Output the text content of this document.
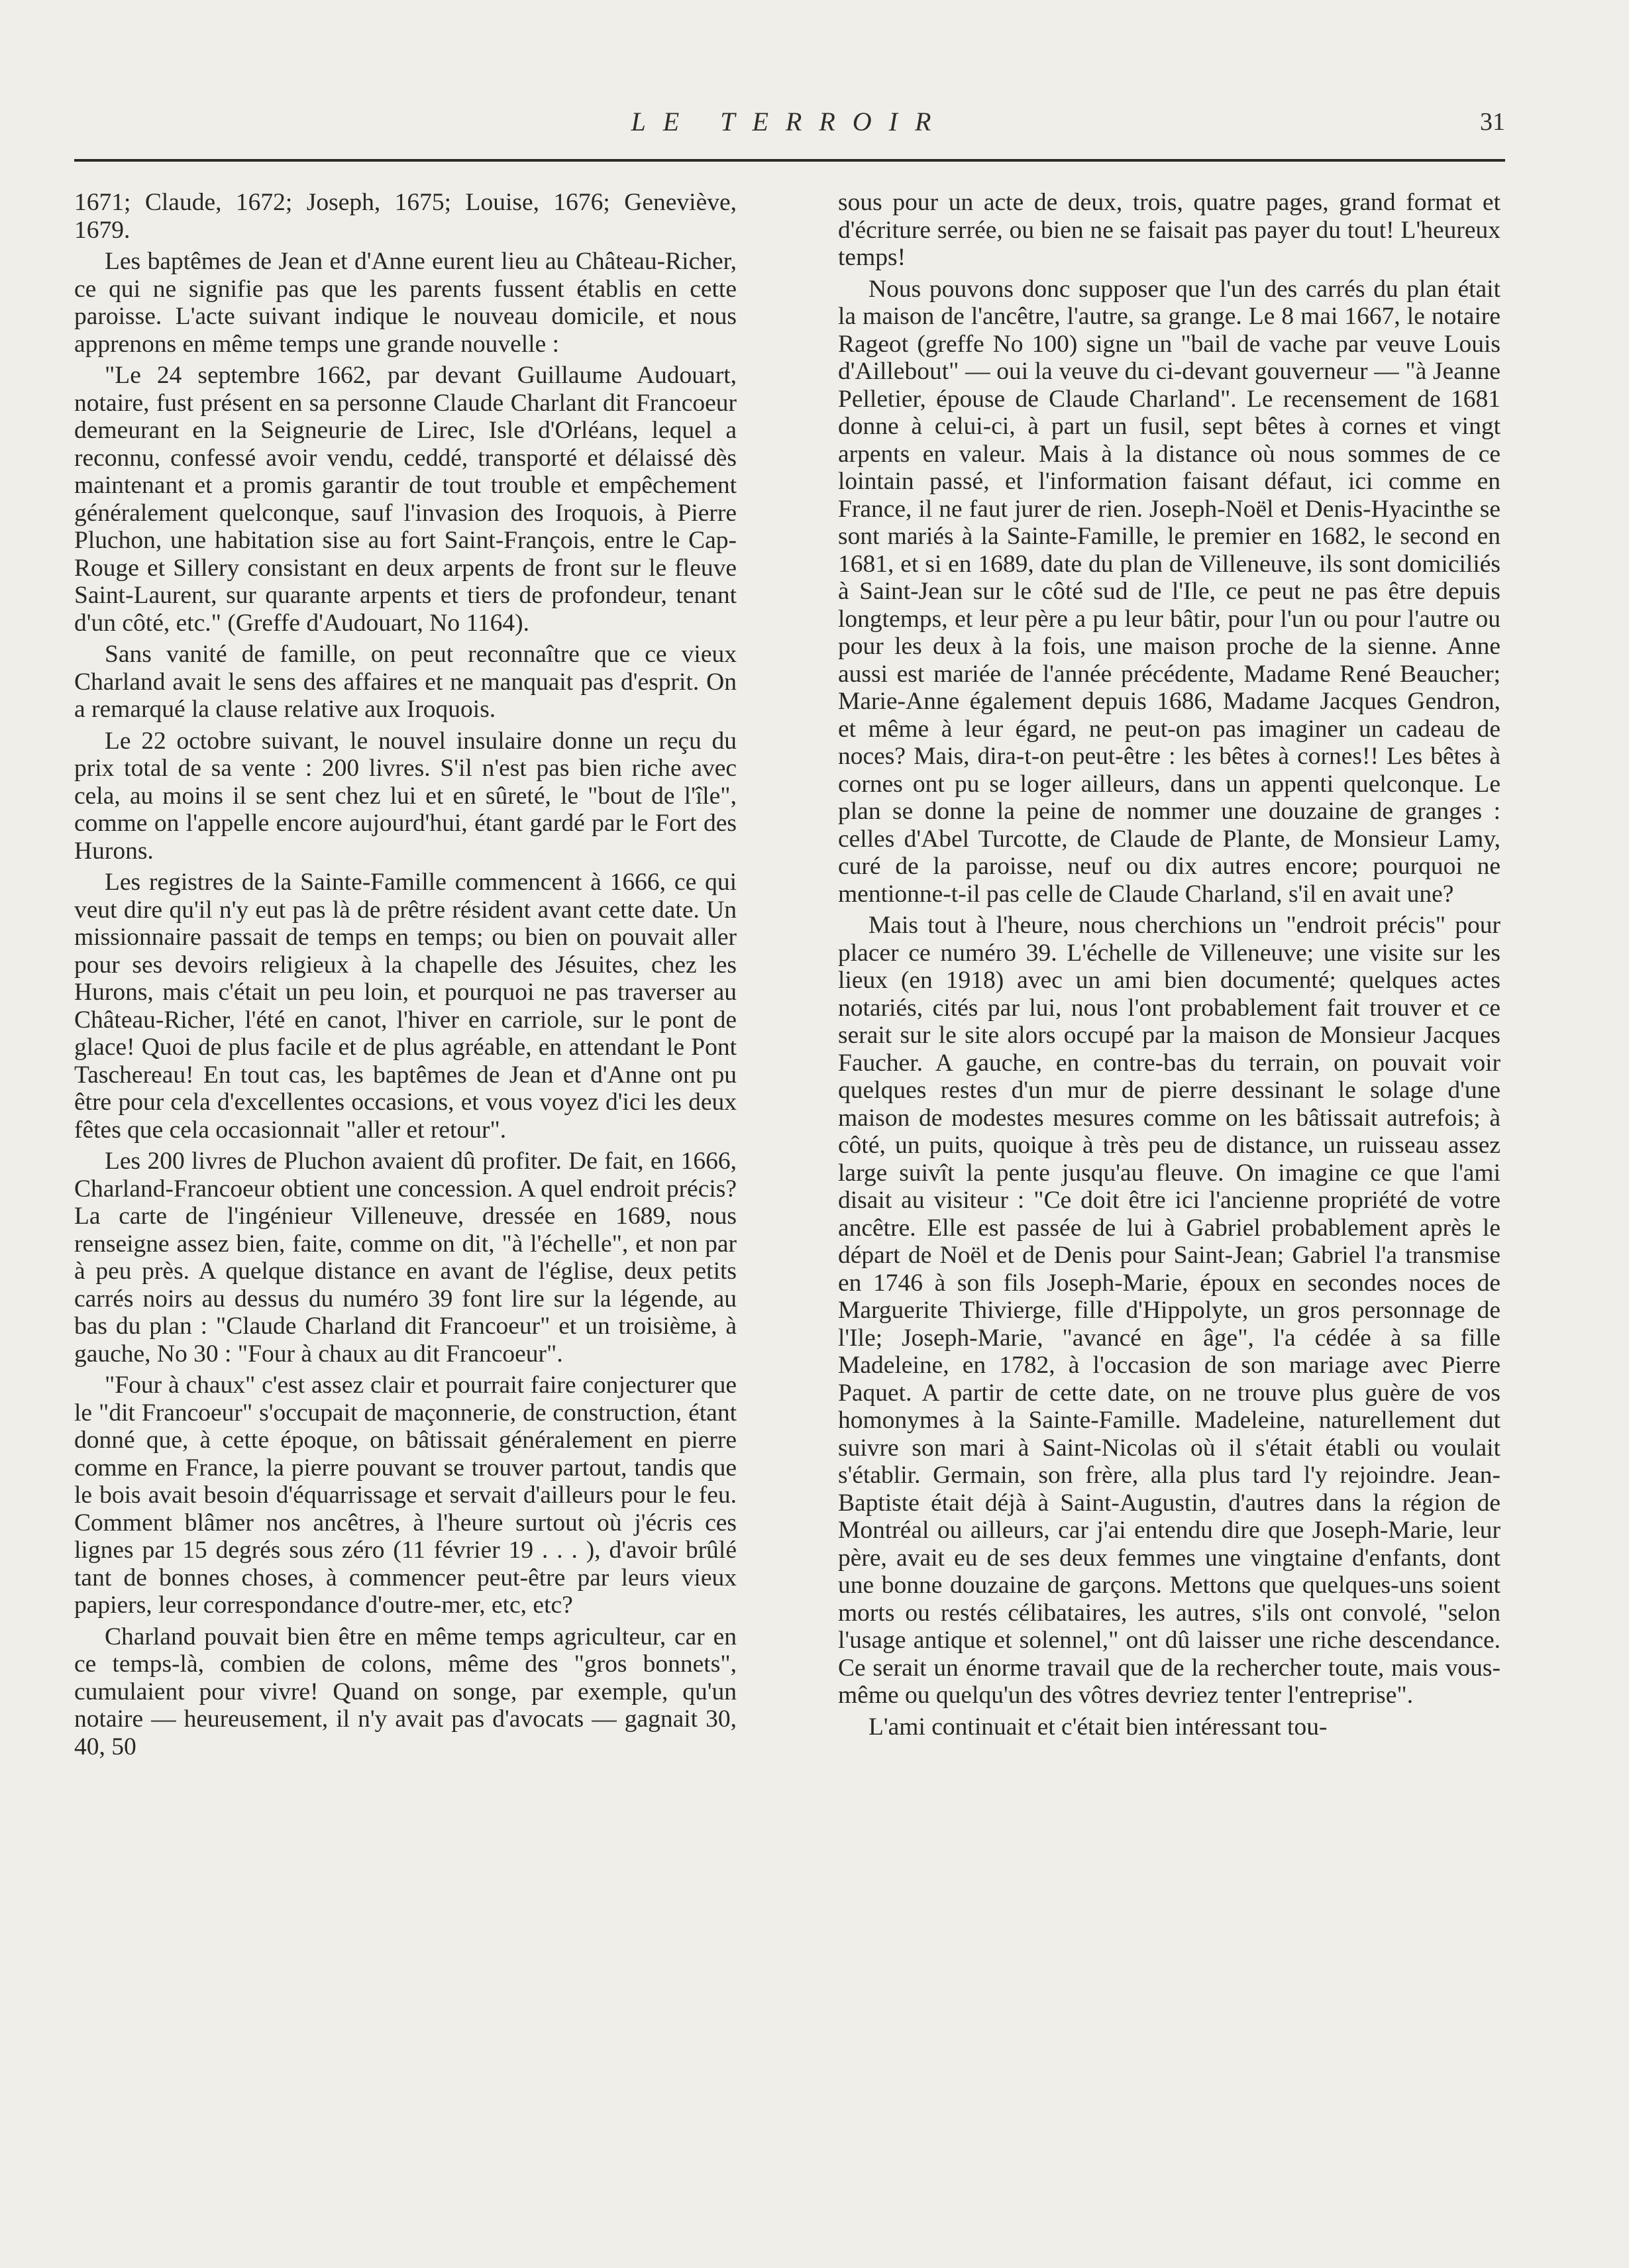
LE TERROIR	31

1671; Claude, 1672; Joseph, 1675; Louise, 1676; Geneviève, 1679.

Les baptêmes de Jean et d'Anne eurent lieu au Château-Richer, ce qui ne signifie pas que les parents fussent établis en cette paroisse. L'acte suivant indique le nouveau domicile, et nous apprenons en même temps une grande nouvelle :

"Le 24 septembre 1662, par devant Guillaume Audouart, notaire, fust présent en sa personne Claude Charlant dit Francoeur demeurant en la Seigneurie de Lirec, Isle d'Orléans, lequel a reconnu, confessé avoir vendu, ceddé, transporté et délaissé dès maintenant et a promis garantir de tout trouble et empêchement généralement quelconque, sauf l'invasion des Iroquois, à Pierre Pluchon, une habitation sise au fort Saint-François, entre le Cap-Rouge et Sillery consistant en deux arpents de front sur le fleuve Saint-Laurent, sur quarante arpents et tiers de profondeur, tenant d'un côté, etc." (Greffe d'Audouart, No 1164).

Sans vanité de famille, on peut reconnaître que ce vieux Charland avait le sens des affaires et ne manquait pas d'esprit. On a remarqué la clause relative aux Iroquois.

Le 22 octobre suivant, le nouvel insulaire donne un reçu du prix total de sa vente : 200 livres. S'il n'est pas bien riche avec cela, au moins il se sent chez lui et en sûreté, le "bout de l'île", comme on l'appelle encore aujourd'hui, étant gardé par le Fort des Hurons.

Les registres de la Sainte-Famille commencent à 1666, ce qui veut dire qu'il n'y eut pas là de prêtre résident avant cette date. Un missionnaire passait de temps en temps; ou bien on pouvait aller pour ses devoirs religieux à la chapelle des Jésuites, chez les Hurons, mais c'était un peu loin, et pourquoi ne pas traverser au Château-Richer, l'été en canot, l'hiver en carriole, sur le pont de glace! Quoi de plus facile et de plus agréable, en attendant le Pont Taschereau! En tout cas, les baptêmes de Jean et d'Anne ont pu être pour cela d'excellentes occasions, et vous voyez d'ici les deux fêtes que cela occasionnait "aller et retour".

Les 200 livres de Pluchon avaient dû profiter. De fait, en 1666, Charland-Francoeur obtient une concession. A quel endroit précis? La carte de l'ingénieur Villeneuve, dressée en 1689, nous renseigne assez bien, faite, comme on dit, "à l'échelle", et non par à peu près. A quelque distance en avant de l'église, deux petits carrés noirs au dessus du numéro 39 font lire sur la légende, au bas du plan : "Claude Charland dit Francoeur" et un troisième, à gauche, No 30 : "Four à chaux au dit Francoeur".

"Four à chaux" c'est assez clair et pourrait faire conjecturer que le "dit Francoeur" s'occupait de maçonnerie, de construction, étant donné que, à cette époque, on bâtissait généralement en pierre comme en France, la pierre pouvant se trouver partout, tandis que le bois avait besoin d'équarrissage et servait d'ailleurs pour le feu. Comment blâmer nos ancêtres, à l'heure surtout où j'écris ces lignes par 15 degrés sous zéro (11 février 19 . . . ), d'avoir brûlé tant de bonnes choses, à commencer peut-être par leurs vieux papiers, leur correspondance d'outre-mer, etc, etc?

Charland pouvait bien être en même temps agriculteur, car en ce temps-là, combien de colons, même des "gros bonnets", cumulaient pour vivre! Quand on songe, par exemple, qu'un notaire — heureusement, il n'y avait pas d'avocats — gagnait 30, 40, 50

sous pour un acte de deux, trois, quatre pages, grand format et d'écriture serrée, ou bien ne se faisait pas payer du tout! L'heureux temps!

Nous pouvons donc supposer que l'un des carrés du plan était la maison de l'ancêtre, l'autre, sa grange. Le 8 mai 1667, le notaire Rageot (greffe No 100) signe un "bail de vache par veuve Louis d'Aillebout" — oui la veuve du ci-devant gouverneur — "à Jeanne Pelletier, épouse de Claude Charland". Le recensement de 1681 donne à celui-ci, à part un fusil, sept bêtes à cornes et vingt arpents en valeur. Mais à la distance où nous sommes de ce lointain passé, et l'information faisant défaut, ici comme en France, il ne faut jurer de rien. Joseph-Noël et Denis-Hyacinthe se sont mariés à la Sainte-Famille, le premier en 1682, le second en 1681, et si en 1689, date du plan de Villeneuve, ils sont domiciliés à Saint-Jean sur le côté sud de l'Ile, ce peut ne pas être depuis longtemps, et leur père a pu leur bâtir, pour l'un ou pour l'autre ou pour les deux à la fois, une maison proche de la sienne. Anne aussi est mariée de l'année précédente, Madame René Beaucher; Marie-Anne également depuis 1686, Madame Jacques Gendron, et même à leur égard, ne peut-on pas imaginer un cadeau de noces? Mais, dira-t-on peut-être : les bêtes à cornes!! Les bêtes à cornes ont pu se loger ailleurs, dans un appenti quelconque. Le plan se donne la peine de nommer une douzaine de granges : celles d'Abel Turcotte, de Claude de Plante, de Monsieur Lamy, curé de la paroisse, neuf ou dix autres encore; pourquoi ne mentionne-t-il pas celle de Claude Charland, s'il en avait une?

Mais tout à l'heure, nous cherchions un "endroit précis" pour placer ce numéro 39. L'échelle de Villeneuve; une visite sur les lieux (en 1918) avec un ami bien documenté; quelques actes notariés, cités par lui, nous l'ont probablement fait trouver et ce serait sur le site alors occupé par la maison de Monsieur Jacques Faucher. A gauche, en contre-bas du terrain, on pouvait voir quelques restes d'un mur de pierre dessinant le solage d'une maison de modestes mesures comme on les bâtissait autrefois; à côté, un puits, quoique à très peu de distance, un ruisseau assez large suivît la pente jusqu'au fleuve. On imagine ce que l'ami disait au visiteur : "Ce doit être ici l'ancienne propriété de votre ancêtre. Elle est passée de lui à Gabriel probablement après le départ de Noël et de Denis pour Saint-Jean; Gabriel l'a transmise en 1746 à son fils Joseph-Marie, époux en secondes noces de Marguerite Thivierge, fille d'Hippolyte, un gros personnage de l'Ile; Joseph-Marie, "avancé en âge", l'a cédée à sa fille Madeleine, en 1782, à l'occasion de son mariage avec Pierre Paquet. A partir de cette date, on ne trouve plus guère de vos homonymes à la Sainte-Famille. Madeleine, naturellement dut suivre son mari à Saint-Nicolas où il s'était établi ou voulait s'établir. Germain, son frère, alla plus tard l'y rejoindre. Jean-Baptiste était déjà à Saint-Augustin, d'autres dans la région de Montréal ou ailleurs, car j'ai entendu dire que Joseph-Marie, leur père, avait eu de ses deux femmes une vingtaine d'enfants, dont une bonne douzaine de garçons. Mettons que quelques-uns soient morts ou restés célibataires, les autres, s'ils ont convolé, "selon l'usage antique et solennel," ont dû laisser une riche descendance. Ce serait un énorme travail que de la rechercher toute, mais vous-même ou quelqu'un des vôtres devriez tenter l'entreprise".

L'ami continuait et c'était bien intéressant tou-
